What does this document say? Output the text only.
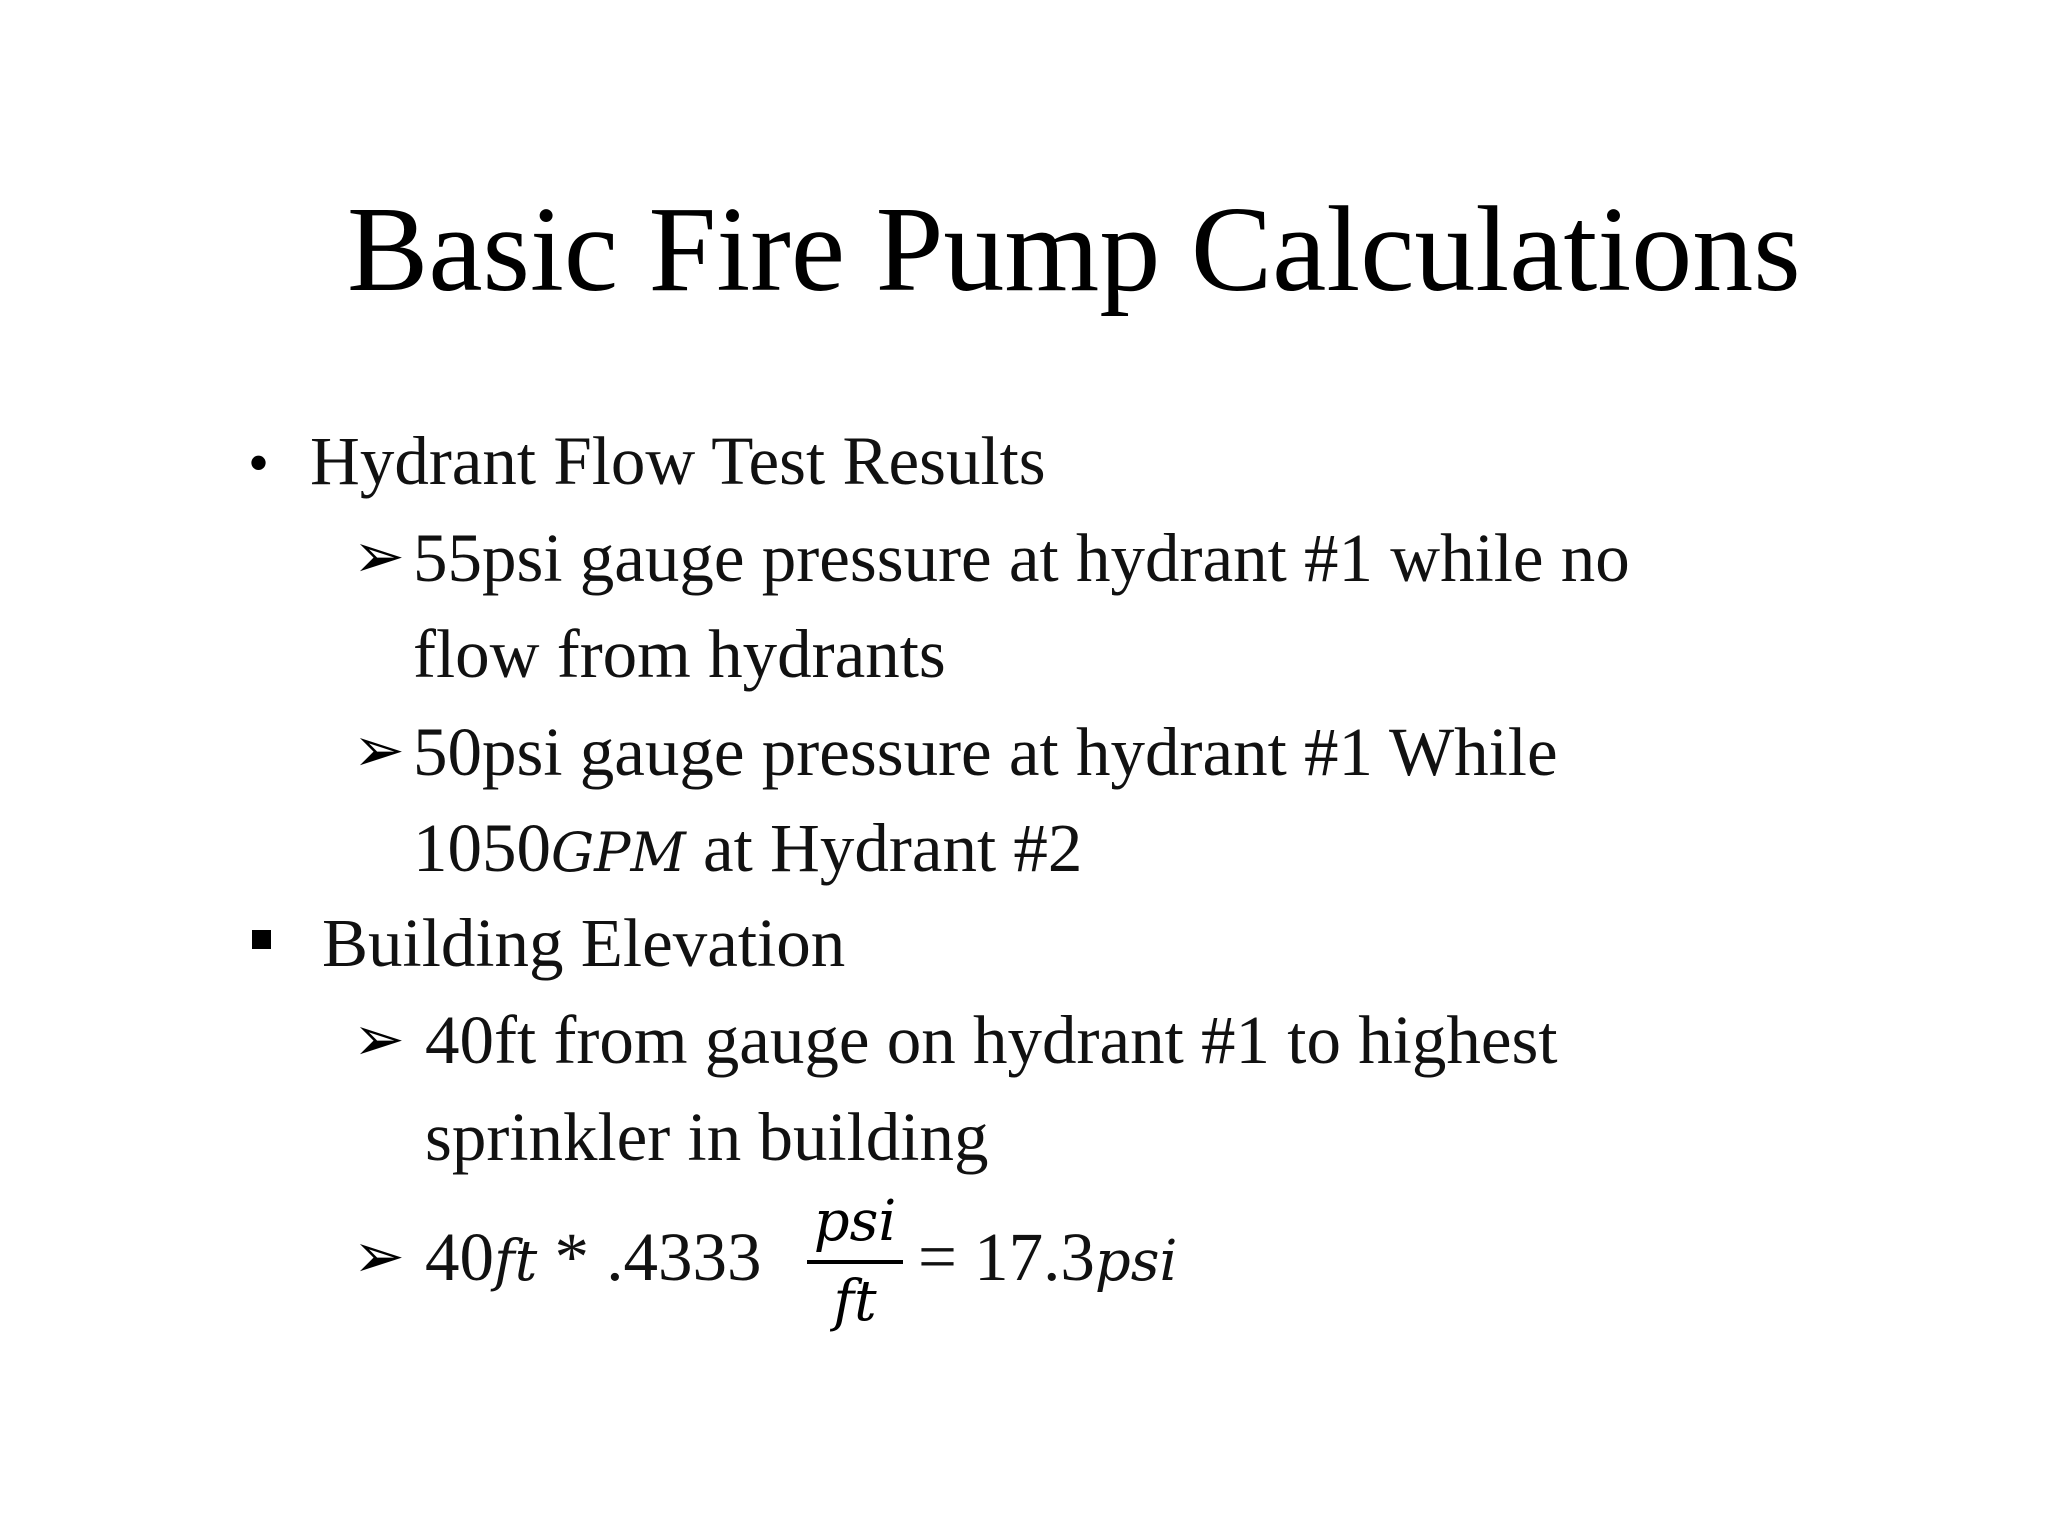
Basic Fire Pump Calculations
• Hydrant Flow Test Results
➢ 55psi gauge pressure at hydrant #1 while no
flow from hydrants
➢ 50psi gauge pressure at hydrant #1 While
1050GPM at Hydrant #2
Building Elevation
➢ 40ft from gauge on hydrant #1 to highest
sprinkler in building
➢ 40ft * .4333 psi
ft
= 17.3psi
